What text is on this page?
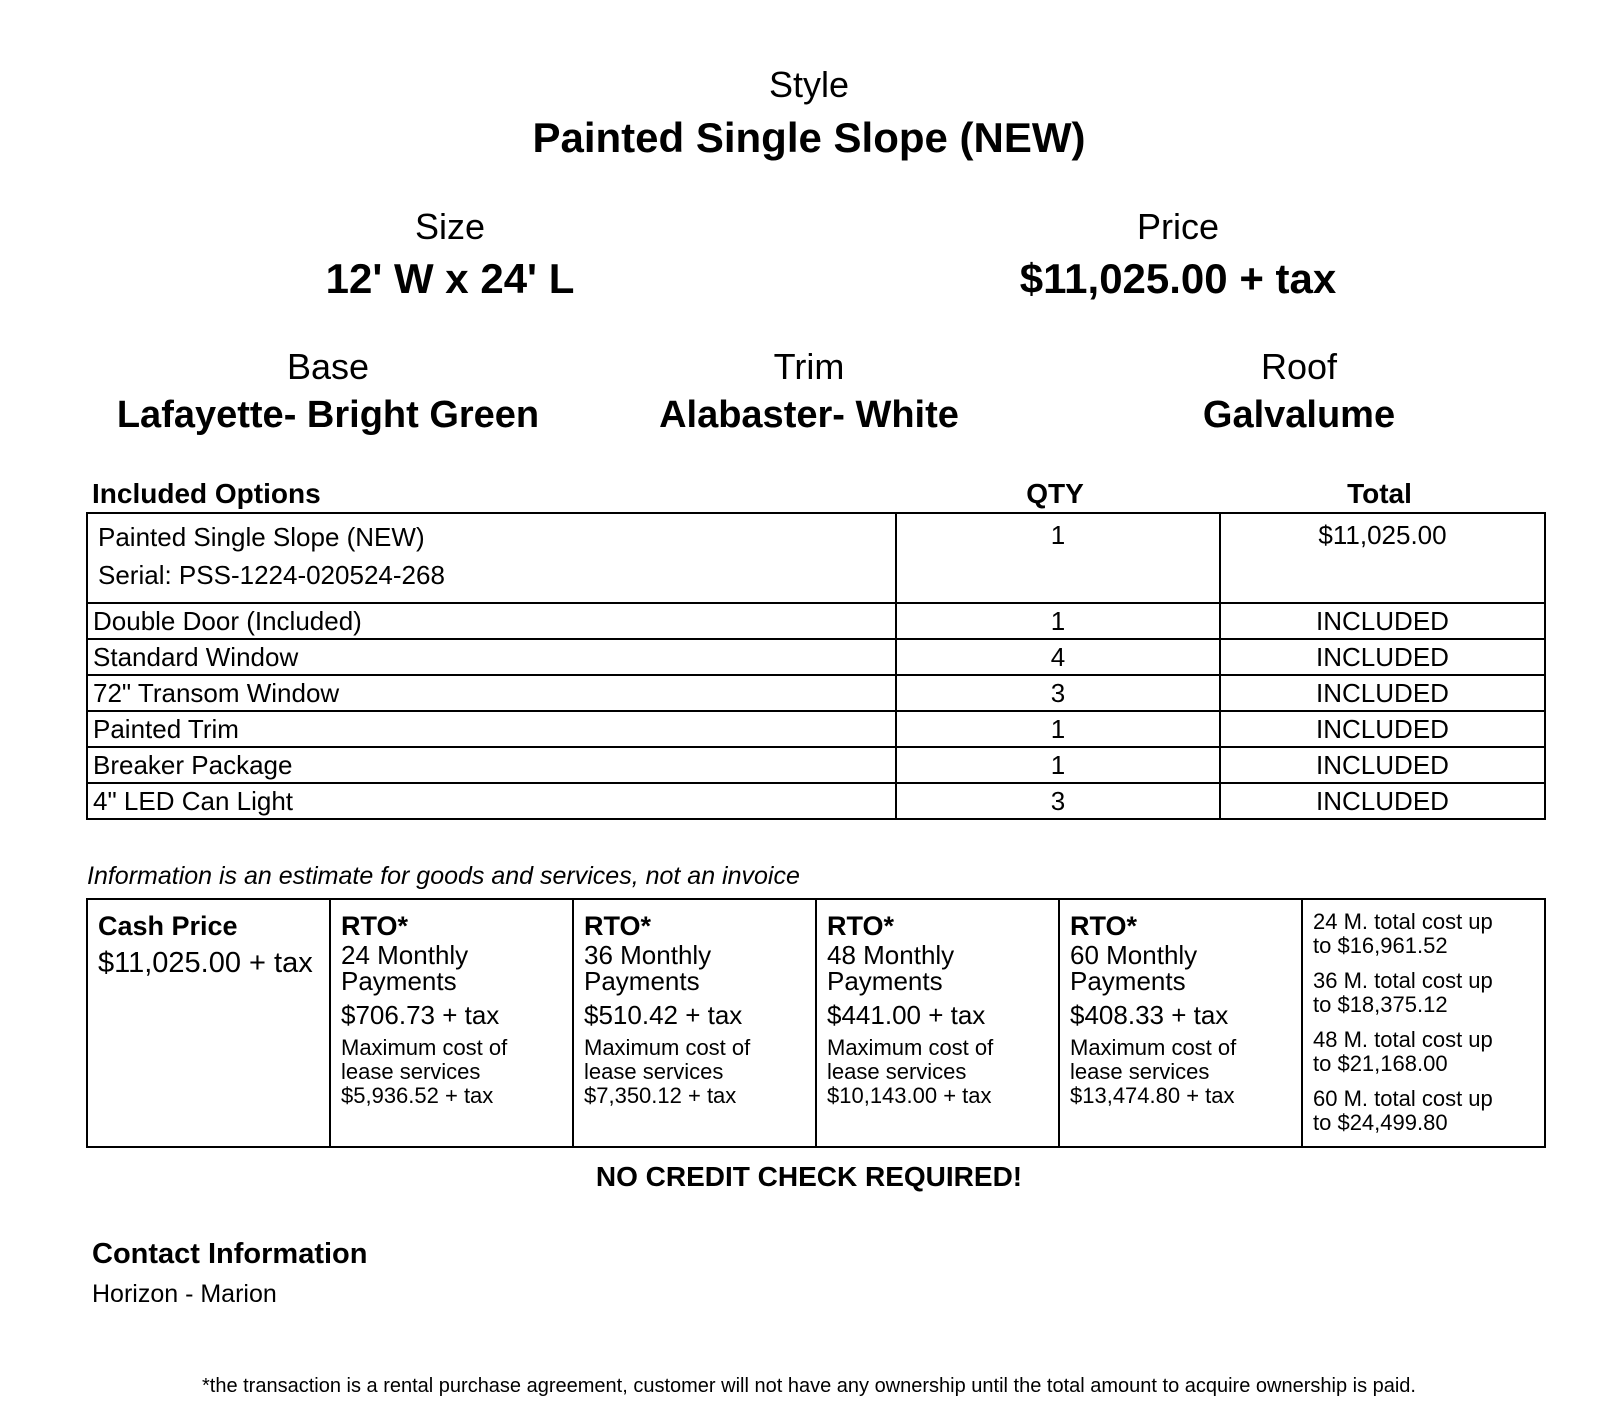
Style
Painted Single Slope (NEW)
Size
12' W x 24' L
Price
$11,025.00 + tax
Base
Lafayette- Bright Green
Trim
Alabaster- White
Roof
Galvalume
Included Options	QTY	Total
Painted Single Slope (NEW)
Serial: PSS-1224-020524-268	1	$11,025.00
Double Door (Included)	1	INCLUDED
Standard Window	4	INCLUDED
72" Transom Window	3	INCLUDED
Painted Trim	1	INCLUDED
Breaker Package	1	INCLUDED
4" LED Can Light	3	INCLUDED
Information is an estimate for goods and services, not an invoice
Cash Price
$11,025.00 + tax

RTO*
24 Monthly
Payments
$706.73 + tax
Maximum cost of
lease services
$5,936.52 + tax

RTO*
36 Monthly
Payments
$510.42 + tax
Maximum cost of
lease services
$7,350.12 + tax

RTO*
48 Monthly
Payments
$441.00 + tax
Maximum cost of
lease services
$10,143.00 + tax

RTO*
60 Monthly
Payments
$408.33 + tax
Maximum cost of
lease services
$13,474.80 + tax

24 M. total cost up
to $16,961.52
36 M. total cost up
to $18,375.12
48 M. total cost up
to $21,168.00
60 M. total cost up
to $24,499.80
NO CREDIT CHECK REQUIRED!
Contact Information
Horizon - Marion
*the transaction is a rental purchase agreement, customer will not have any ownership until the total amount to acquire ownership is paid.
